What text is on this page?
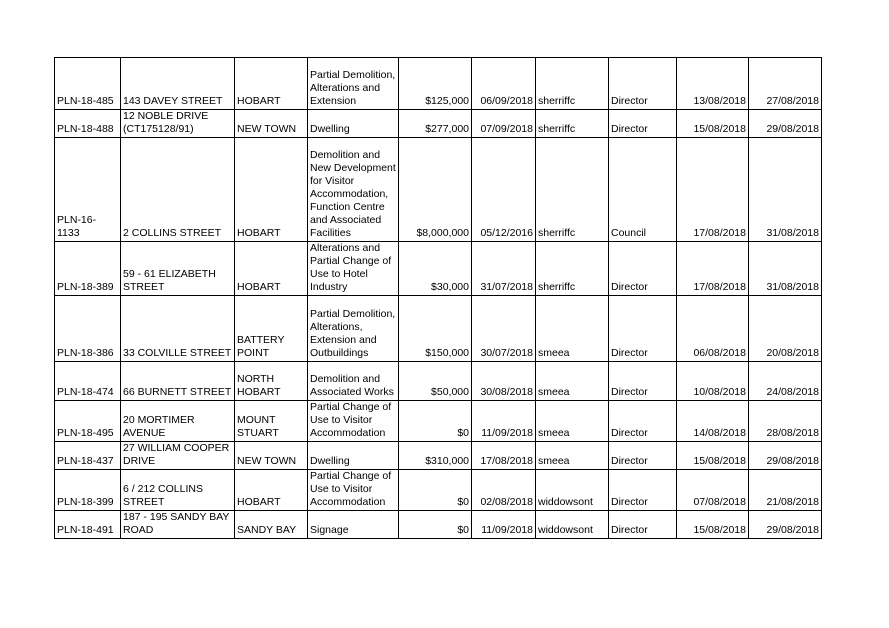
PLN-18-485	143 DAVEY STREET	HOBART	Partial Demolition, Alterations and Extension	$125,000	06/09/2018	sherriffc	Director	13/08/2018	27/08/2018
PLN-18-488	12 NOBLE DRIVE (CT175128/91)	NEW TOWN	Dwelling	$277,000	07/09/2018	sherriffc	Director	15/08/2018	29/08/2018
PLN-16-1133	2 COLLINS STREET	HOBART	Demolition and New Development for Visitor Accommodation, Function Centre and Associated Facilities	$8,000,000	05/12/2016	sherriffc	Council	17/08/2018	31/08/2018
PLN-18-389	59 - 61 ELIZABETH STREET	HOBART	Alterations and Partial Change of Use to Hotel Industry	$30,000	31/07/2018	sherriffc	Director	17/08/2018	31/08/2018
PLN-18-386	33 COLVILLE STREET	BATTERY POINT	Partial Demolition, Alterations, Extension and Outbuildings	$150,000	30/07/2018	smeea	Director	06/08/2018	20/08/2018
PLN-18-474	66 BURNETT STREET	NORTH HOBART	Demolition and Associated Works	$50,000	30/08/2018	smeea	Director	10/08/2018	24/08/2018
PLN-18-495	20 MORTIMER AVENUE	MOUNT STUART	Partial Change of Use to Visitor Accommodation	$0	11/09/2018	smeea	Director	14/08/2018	28/08/2018
PLN-18-437	27 WILLIAM COOPER DRIVE	NEW TOWN	Dwelling	$310,000	17/08/2018	smeea	Director	15/08/2018	29/08/2018
PLN-18-399	6 / 212 COLLINS STREET	HOBART	Partial Change of Use to Visitor Accommodation	$0	02/08/2018	widdowsont	Director	07/08/2018	21/08/2018
PLN-18-491	187 - 195 SANDY BAY ROAD	SANDY BAY	Signage	$0	11/09/2018	widdowsont	Director	15/08/2018	29/08/2018
